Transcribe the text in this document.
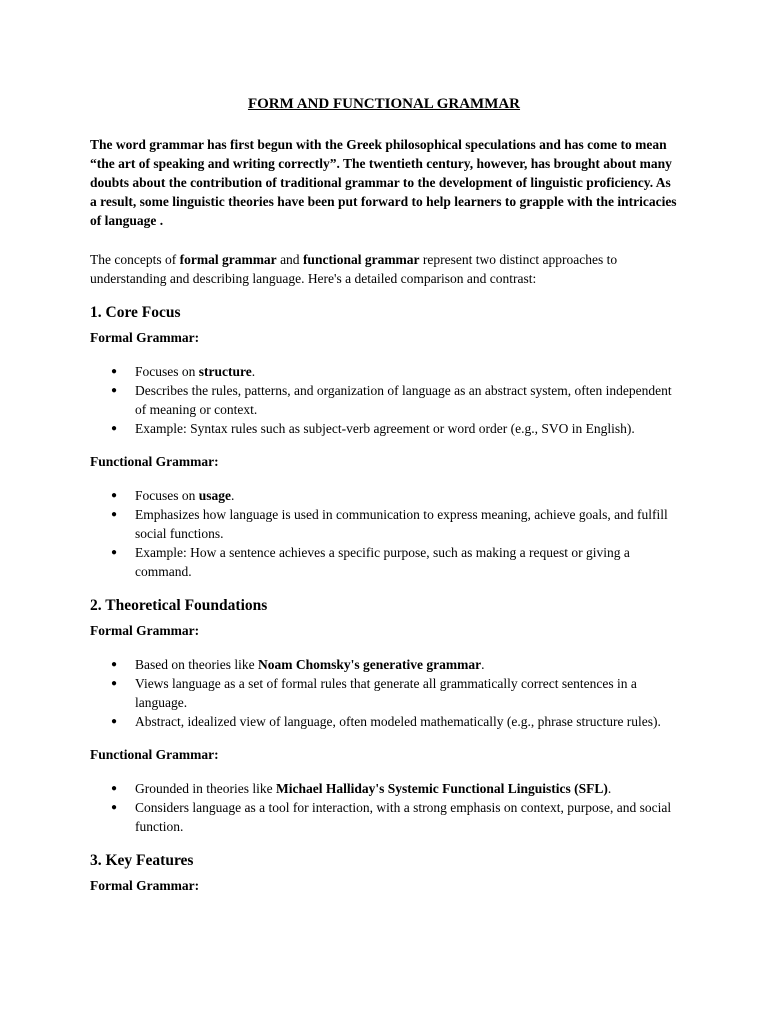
FORM AND FUNCTIONAL GRAMMAR

The word grammar has first begun with the Greek philosophical speculations and has come to mean “the art of speaking and writing correctly”. The twentieth century, however, has brought about many doubts about the contribution of traditional grammar to the development of linguistic proficiency. As a result, some linguistic theories have been put forward to help learners to grapple with the intricacies of language .

The concepts of formal grammar and functional grammar represent two distinct approaches to understanding and describing language. Here's a detailed comparison and contrast:

1. Core Focus

Formal Grammar:

● Focuses on structure.
● Describes the rules, patterns, and organization of language as an abstract system, often independent of meaning or context.
● Example: Syntax rules such as subject-verb agreement or word order (e.g., SVO in English).

Functional Grammar:

● Focuses on usage.
● Emphasizes how language is used in communication to express meaning, achieve goals, and fulfill social functions.
● Example: How a sentence achieves a specific purpose, such as making a request or giving a command.
2. Theoretical Foundations

Formal Grammar:

● Based on theories like Noam Chomsky's generative grammar.
● Views language as a set of formal rules that generate all grammatically correct sentences in a language.
● Abstract, idealized view of language, often modeled mathematically (e.g., phrase structure rules).

Functional Grammar:

● Grounded in theories like Michael Halliday's Systemic Functional Linguistics (SFL).
● Considers language as a tool for interaction, with a strong emphasis on context, purpose, and social function.
3. Key Features

Formal Grammar:
